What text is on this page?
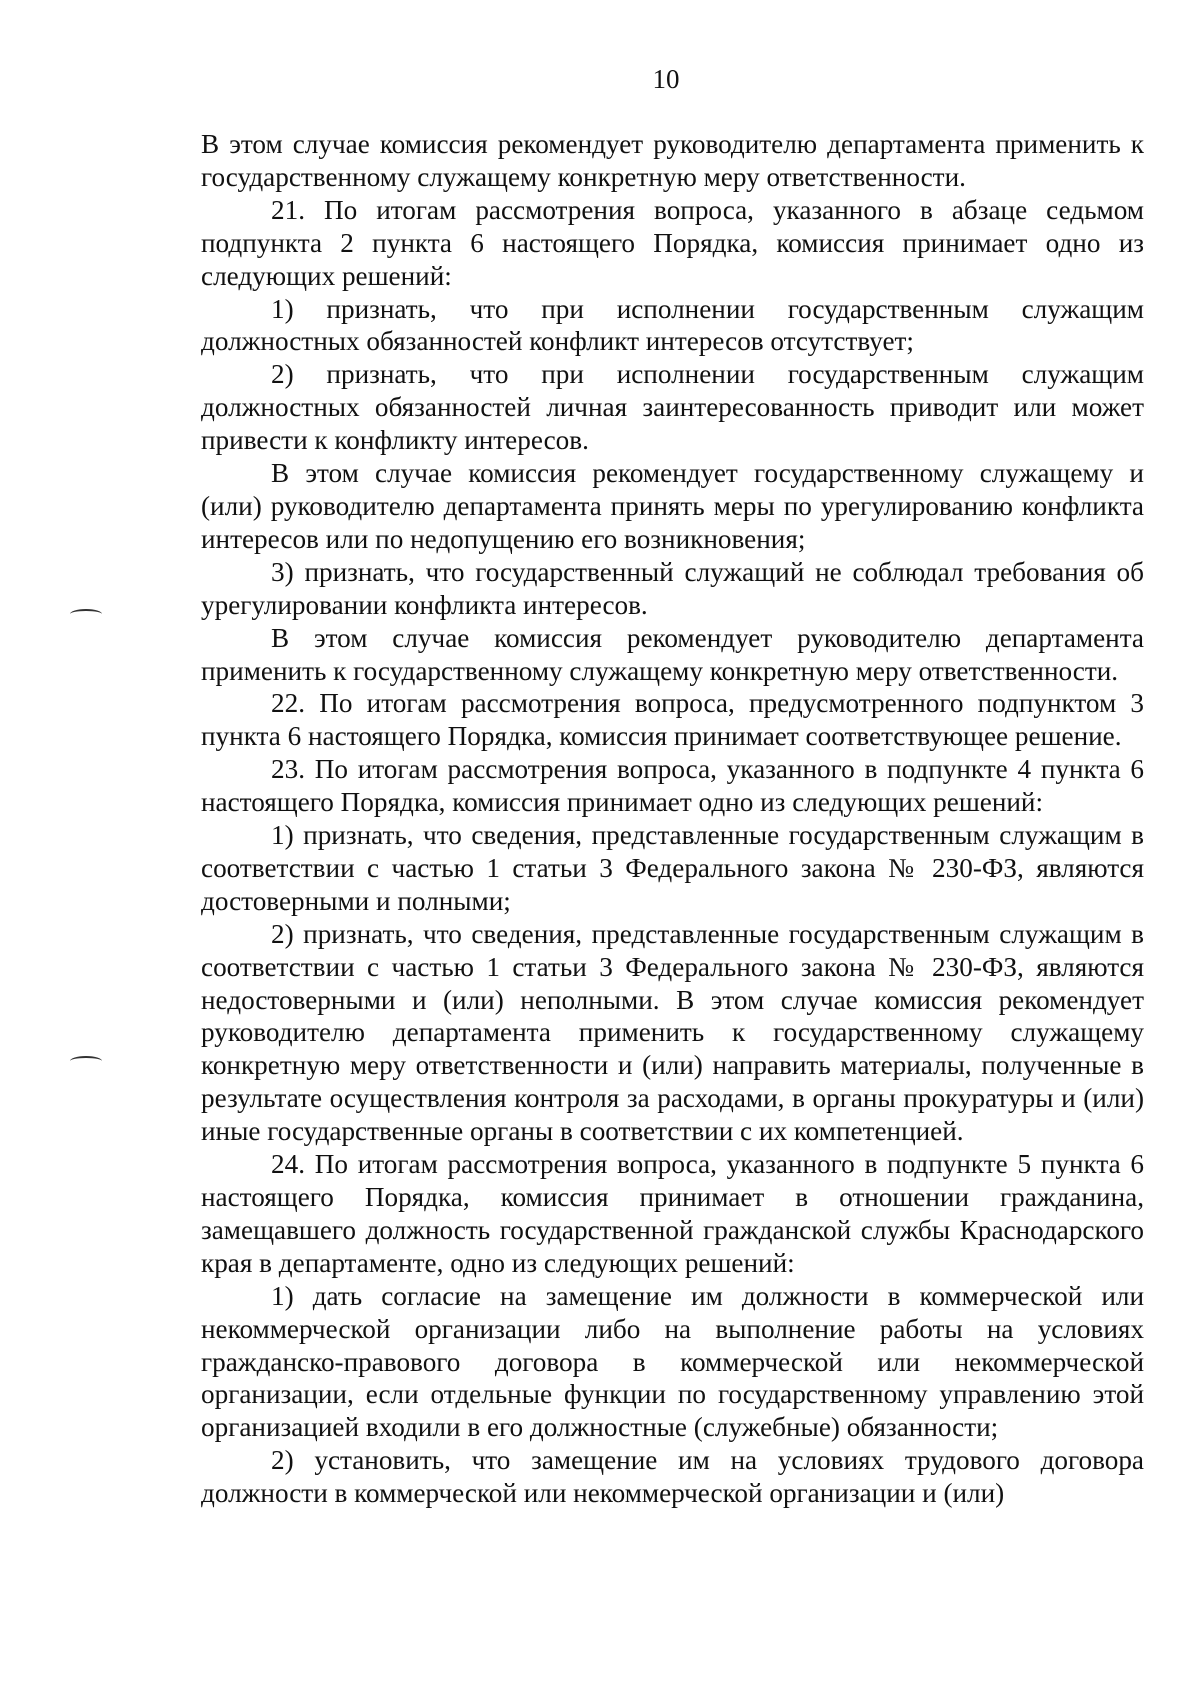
10

В этом случае комиссия рекомендует руководителю департамента применить к государственному служащему конкретную меру ответственности.

21. По итогам рассмотрения вопроса, указанного в абзаце седьмом подпункта 2 пункта 6 настоящего Порядка, комиссия принимает одно из следующих решений:

1) признать, что при исполнении государственным служащим должностных обязанностей конфликт интересов отсутствует;

2) признать, что при исполнении государственным служащим должностных обязанностей личная заинтересованность приводит или может привести к конфликту интересов.

В этом случае комиссия рекомендует государственному служащему и (или) руководителю департамента принять меры по урегулированию конфликта интересов или по недопущению его возникновения;

3) признать, что государственный служащий не соблюдал требования об урегулировании конфликта интересов.

В этом случае комиссия рекомендует руководителю департамента применить к государственному служащему конкретную меру ответственности.

22. По итогам рассмотрения вопроса, предусмотренного подпунктом 3 пункта 6 настоящего Порядка, комиссия принимает соответствующее решение.

23. По итогам рассмотрения вопроса, указанного в подпункте 4 пункта 6 настоящего Порядка, комиссия принимает одно из следующих решений:

1) признать, что сведения, представленные государственным служащим в соответствии с частью 1 статьи 3 Федерального закона № 230-ФЗ, являются достоверными и полными;

2) признать, что сведения, представленные государственным служащим в соответствии с частью 1 статьи 3 Федерального закона № 230-ФЗ, являются недостоверными и (или) неполными. В этом случае комиссия рекомендует руководителю департамента применить к государственному служащему конкретную меру ответственности и (или) направить материалы, полученные в результате осуществления контроля за расходами, в органы прокуратуры и (или) иные государственные органы в соответствии с их компетенцией.

24. По итогам рассмотрения вопроса, указанного в подпункте 5 пункта 6 настоящего Порядка, комиссия принимает в отношении гражданина, замещавшего должность государственной гражданской службы Краснодарского края в департаменте, одно из следующих решений:

1) дать согласие на замещение им должности в коммерческой или некоммерческой организации либо на выполнение работы на условиях гражданско-правового договора в коммерческой или некоммерческой организации, если отдельные функции по государственному управлению этой организацией входили в его должностные (служебные) обязанности;

2) установить, что замещение им на условиях трудового договора должности в коммерческой или некоммерческой организации и (или)
